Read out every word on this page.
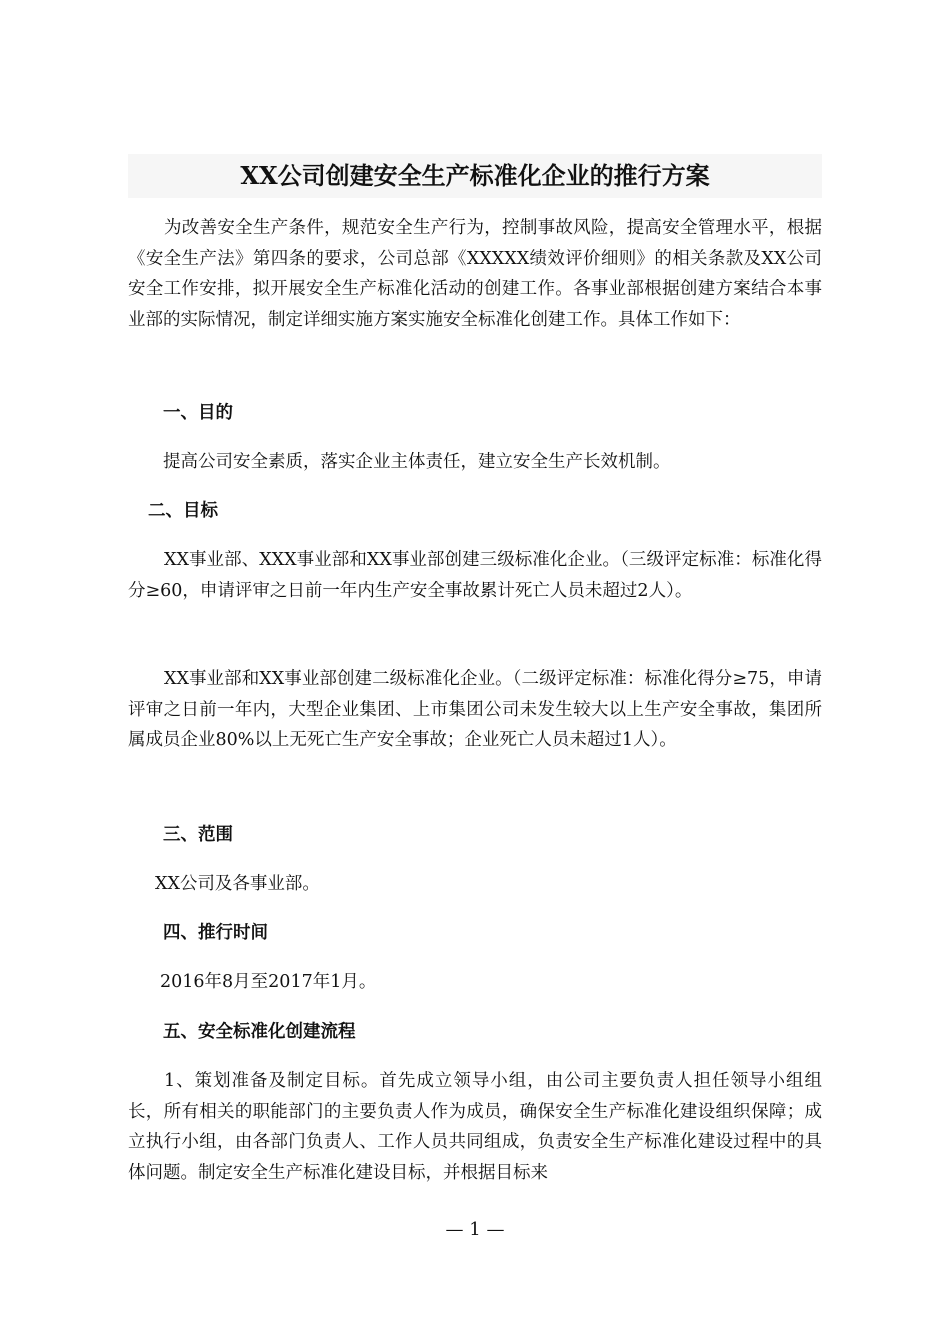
XX公司创建安全生产标准化企业的推行方案

为改善安全生产条件，规范安全生产行为，控制事故风险，提高安全管理水平，根据《安全生产法》第四条的要求，公司总部《XXXXX绩效评价细则》的相关条款及XX公司安全工作安排，拟开展安全生产标准化活动的创建工作。各事业部根据创建方案结合本事业部的实际情况，制定详细实施方案实施安全标准化创建工作。具体工作如下：

一、目的

提高公司安全素质，落实企业主体责任，建立安全生产长效机制。

二、目标

XX事业部、XXX事业部和XX事业部创建三级标准化企业。（三级评定标准：标准化得分≥60，申请评审之日前一年内生产安全事故累计死亡人员未超过2人）。

XX事业部和XX事业部创建二级标准化企业。（二级评定标准：标准化得分≥75，申请评审之日前一年内，大型企业集团、上市集团公司未发生较大以上生产安全事故，集团所属成员企业80%以上无死亡生产安全事故；企业死亡人员未超过1人）。

三、范围

XX公司及各事业部。

四、推行时间

2016年8月至2017年1月。

五、安全标准化创建流程

1、策划准备及制定目标。首先成立领导小组，由公司主要负责人担任领导小组组长，所有相关的职能部门的主要负责人作为成员，确保安全生产标准化建设组织保障；成立执行小组，由各部门负责人、工作人员共同组成，负责安全生产标准化建设过程中的具体问题。制定安全生产标准化建设目标，并根据目标来

— 1 —
